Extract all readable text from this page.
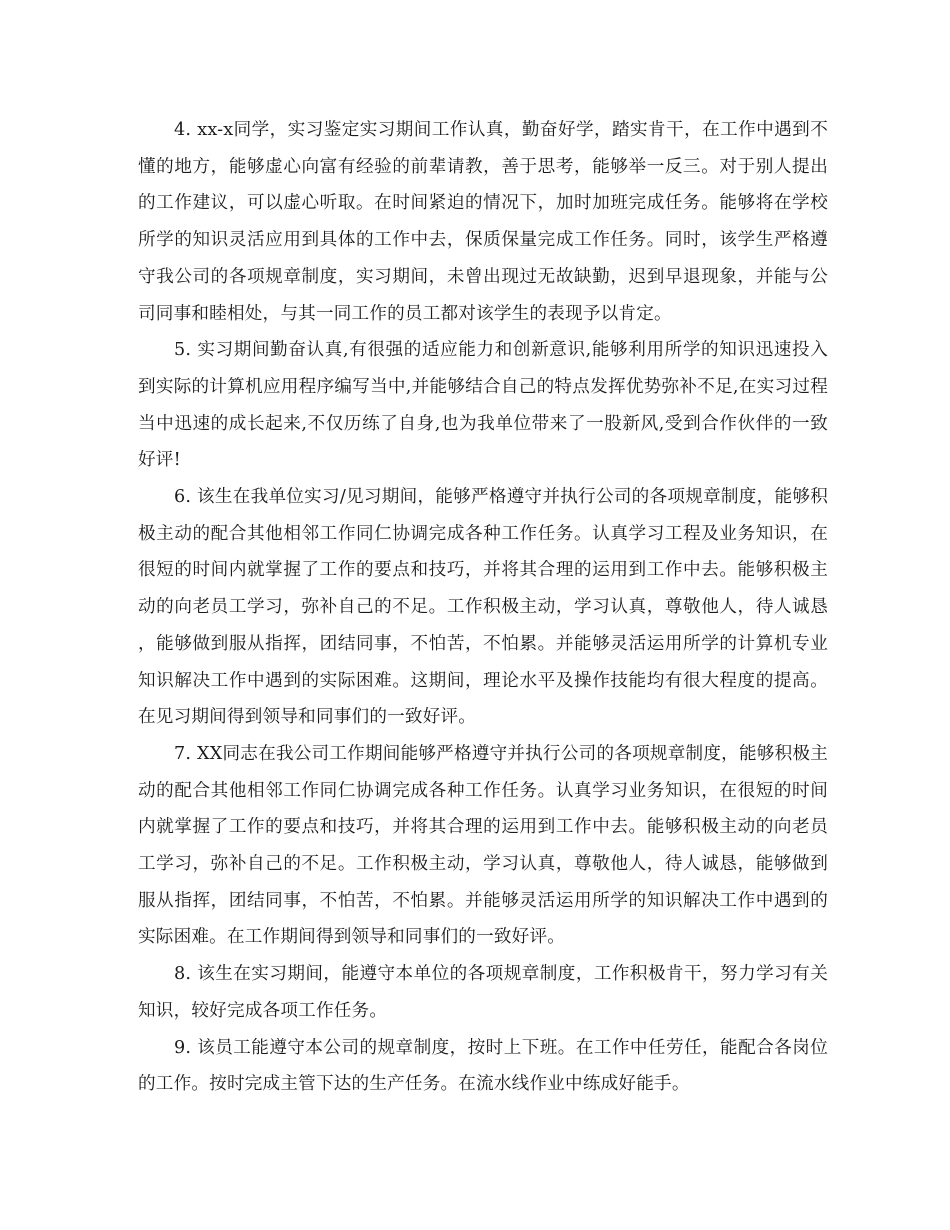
4. xx-x同学，实习鉴定实习期间工作认真，勤奋好学，踏实肯干，在工作中遇到不懂的地方，能够虚心向富有经验的前辈请教，善于思考，能够举一反三。对于别人提出的工作建议，可以虚心听取。在时间紧迫的情况下，加时加班完成任务。能够将在学校所学的知识灵活应用到具体的工作中去，保质保量完成工作任务。同时，该学生严格遵守我公司的各项规章制度，实习期间，未曾出现过无故缺勤，迟到早退现象，并能与公司同事和睦相处，与其一同工作的员工都对该学生的表现予以肯定。

5. 实习期间勤奋认真,有很强的适应能力和创新意识,能够利用所学的知识迅速投入到实际的计算机应用程序编写当中,并能够结合自己的特点发挥优势弥补不足,在实习过程当中迅速的成长起来,不仅历练了自身,也为我单位带来了一股新风,受到合作伙伴的一致好评!

6. 该生在我单位实习/见习期间，能够严格遵守并执行公司的各项规章制度，能够积极主动的配合其他相邻工作同仁协调完成各种工作任务。认真学习工程及业务知识，在很短的时间内就掌握了工作的要点和技巧，并将其合理的运用到工作中去。能够积极主动的向老员工学习，弥补自己的不足。工作积极主动，学习认真，尊敬他人，待人诚恳，能够做到服从指挥，团结同事，不怕苦，不怕累。并能够灵活运用所学的计算机专业知识解决工作中遇到的实际困难。这期间，理论水平及操作技能均有很大程度的提高。在见习期间得到领导和同事们的一致好评。

7. XX同志在我公司工作期间能够严格遵守并执行公司的各项规章制度，能够积极主动的配合其他相邻工作同仁协调完成各种工作任务。认真学习业务知识，在很短的时间内就掌握了工作的要点和技巧，并将其合理的运用到工作中去。能够积极主动的向老员工学习，弥补自己的不足。工作积极主动，学习认真，尊敬他人，待人诚恳，能够做到服从指挥，团结同事，不怕苦，不怕累。并能够灵活运用所学的知识解决工作中遇到的实际困难。在工作期间得到领导和同事们的一致好评。

8. 该生在实习期间，能遵守本单位的各项规章制度，工作积极肯干，努力学习有关知识，较好完成各项工作任务。

9. 该员工能遵守本公司的规章制度，按时上下班。在工作中任劳任，能配合各岗位的工作。按时完成主管下达的生产任务。在流水线作业中练成好能手。
